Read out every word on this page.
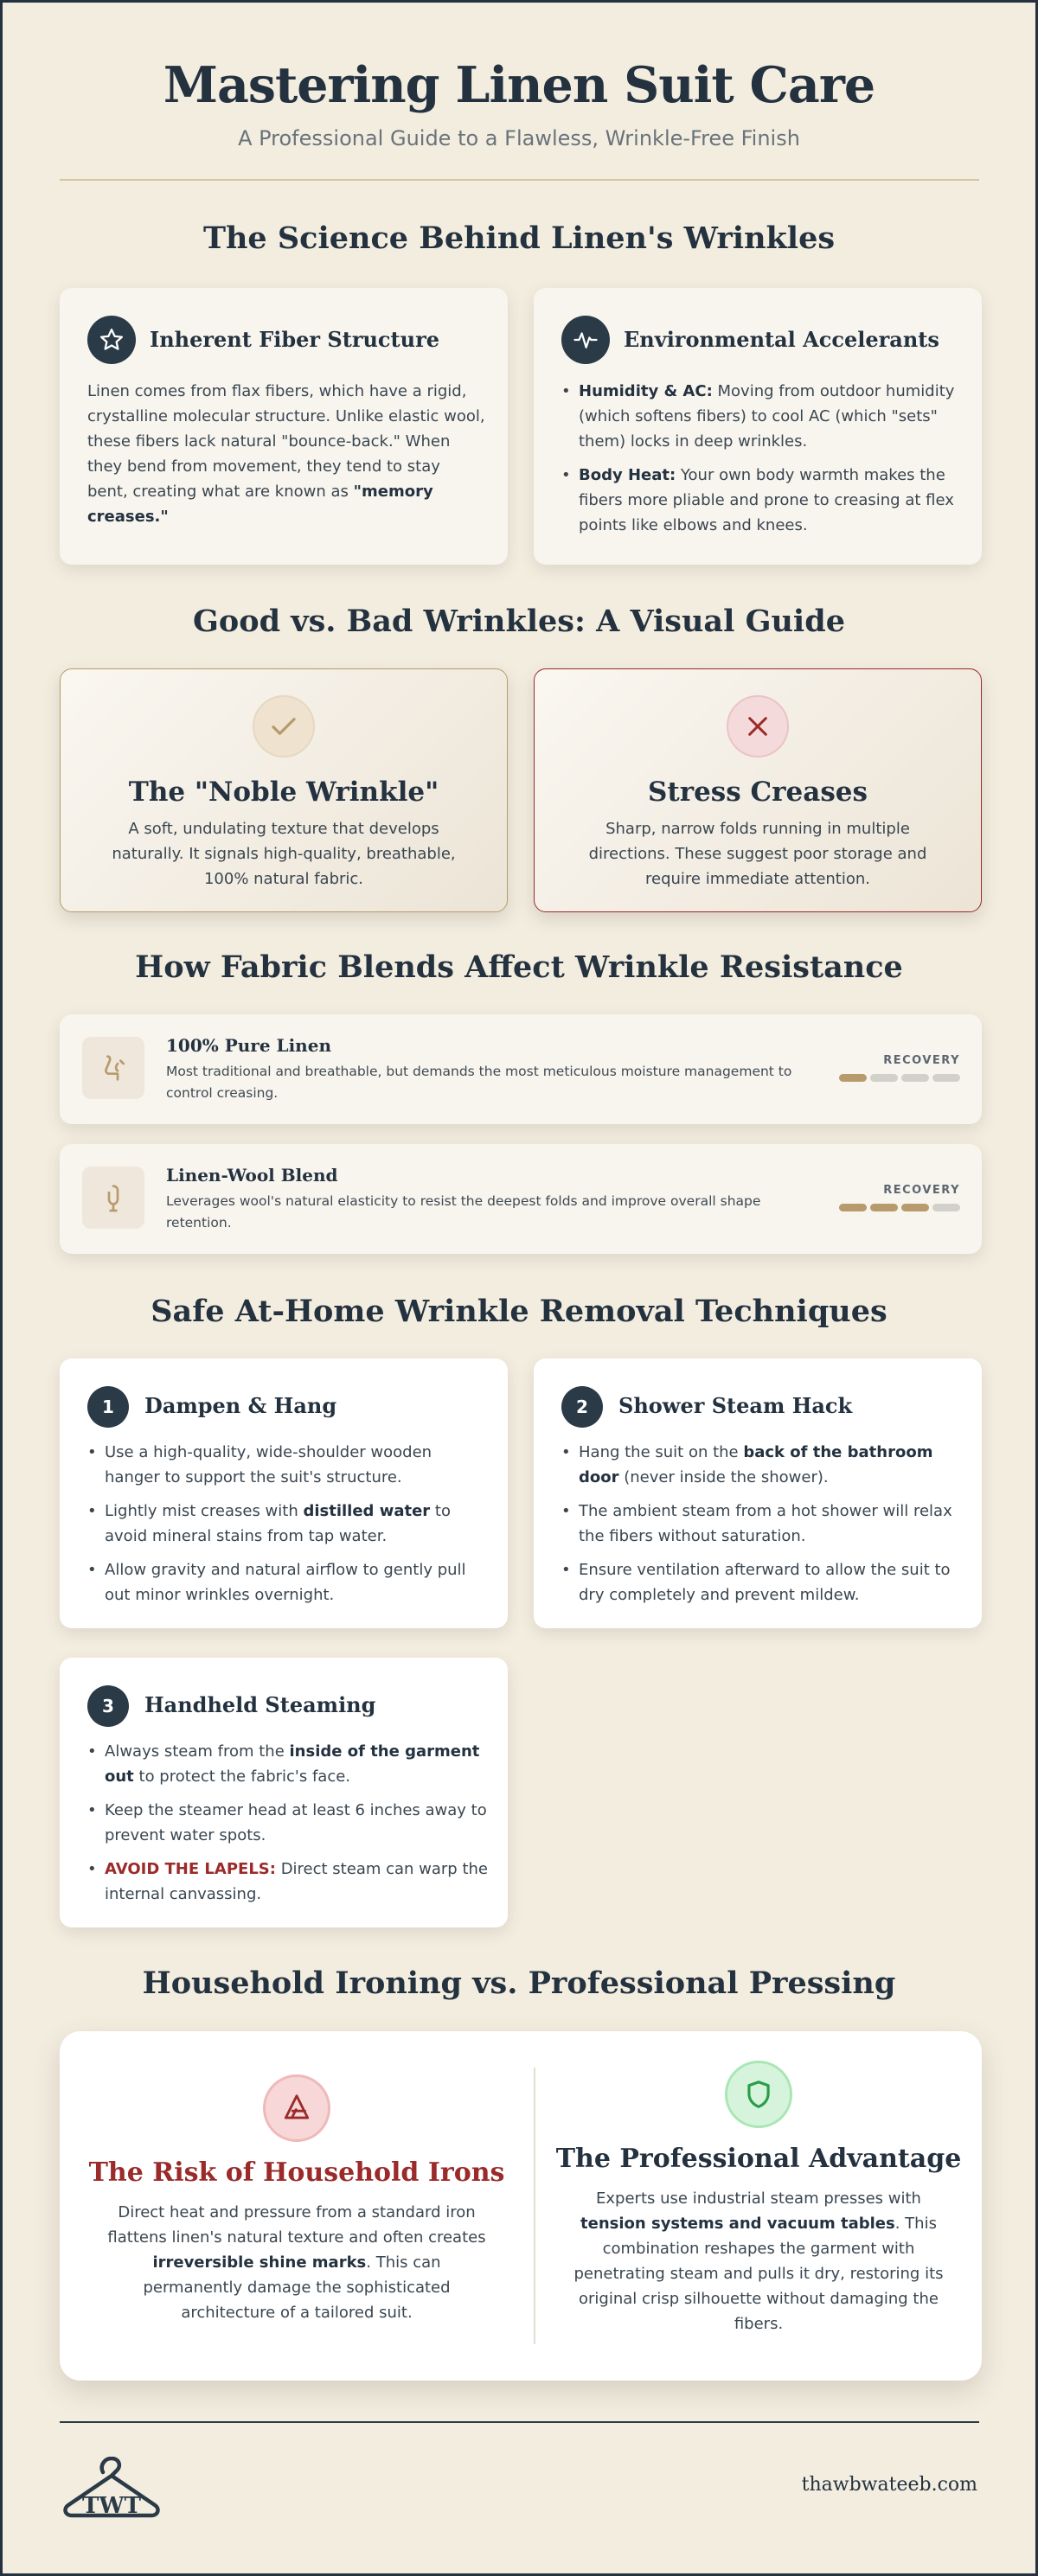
Mastering Linen Suit Care
A Professional Guide to a Flawless, Wrinkle-Free Finish
The Science Behind Linen's Wrinkles
Inherent Fiber Structure
Linen comes from flax fibers, which have a rigid, crystalline molecular structure. Unlike elastic wool, these fibers lack natural "bounce-back." When they bend from movement, they tend to stay bent, creating what are known as "memory creases."
Environmental Accelerants
• Humidity & AC: Moving from outdoor humidity (which softens fibers) to cool AC (which "sets" them) locks in deep wrinkles.
• Body Heat: Your own body warmth makes the fibers more pliable and prone to creasing at flex points like elbows and knees.
Good vs. Bad Wrinkles: A Visual Guide
The "Noble Wrinkle"
A soft, undulating texture that develops naturally. It signals high-quality, breathable, 100% natural fabric.
Stress Creases
Sharp, narrow folds running in multiple directions. These suggest poor storage and require immediate attention.
How Fabric Blends Affect Wrinkle Resistance
100% Pure Linen
Most traditional and breathable, but demands the most meticulous moisture management to control creasing.
RECOVERY
Linen-Wool Blend
Leverages wool's natural elasticity to resist the deepest folds and improve overall shape retention.
RECOVERY
Safe At-Home Wrinkle Removal Techniques
1	Dampen & Hang
• Use a high-quality, wide-shoulder wooden hanger to support the suit's structure.
• Lightly mist creases with distilled water to avoid mineral stains from tap water.
• Allow gravity and natural airflow to gently pull out minor wrinkles overnight.
2	Shower Steam Hack
• Hang the suit on the back of the bathroom door (never inside the shower).
• The ambient steam from a hot shower will relax the fibers without saturation.
• Ensure ventilation afterward to allow the suit to dry completely and prevent mildew.
3	Handheld Steaming
• Always steam from the inside of the garment out to protect the fabric's face.
• Keep the steamer head at least 6 inches away to prevent water spots.
• AVOID THE LAPELS: Direct steam can warp the internal canvassing.
Household Ironing vs. Professional Pressing
The Risk of Household Irons
Direct heat and pressure from a standard iron flattens linen's natural texture and often creates irreversible shine marks. This can permanently damage the sophisticated architecture of a tailored suit.
The Professional Advantage
Experts use industrial steam presses with tension systems and vacuum tables. This combination reshapes the garment with penetrating steam and pulls it dry, restoring its original crisp silhouette without damaging the fibers.
TWT
thawbwateeb.com
